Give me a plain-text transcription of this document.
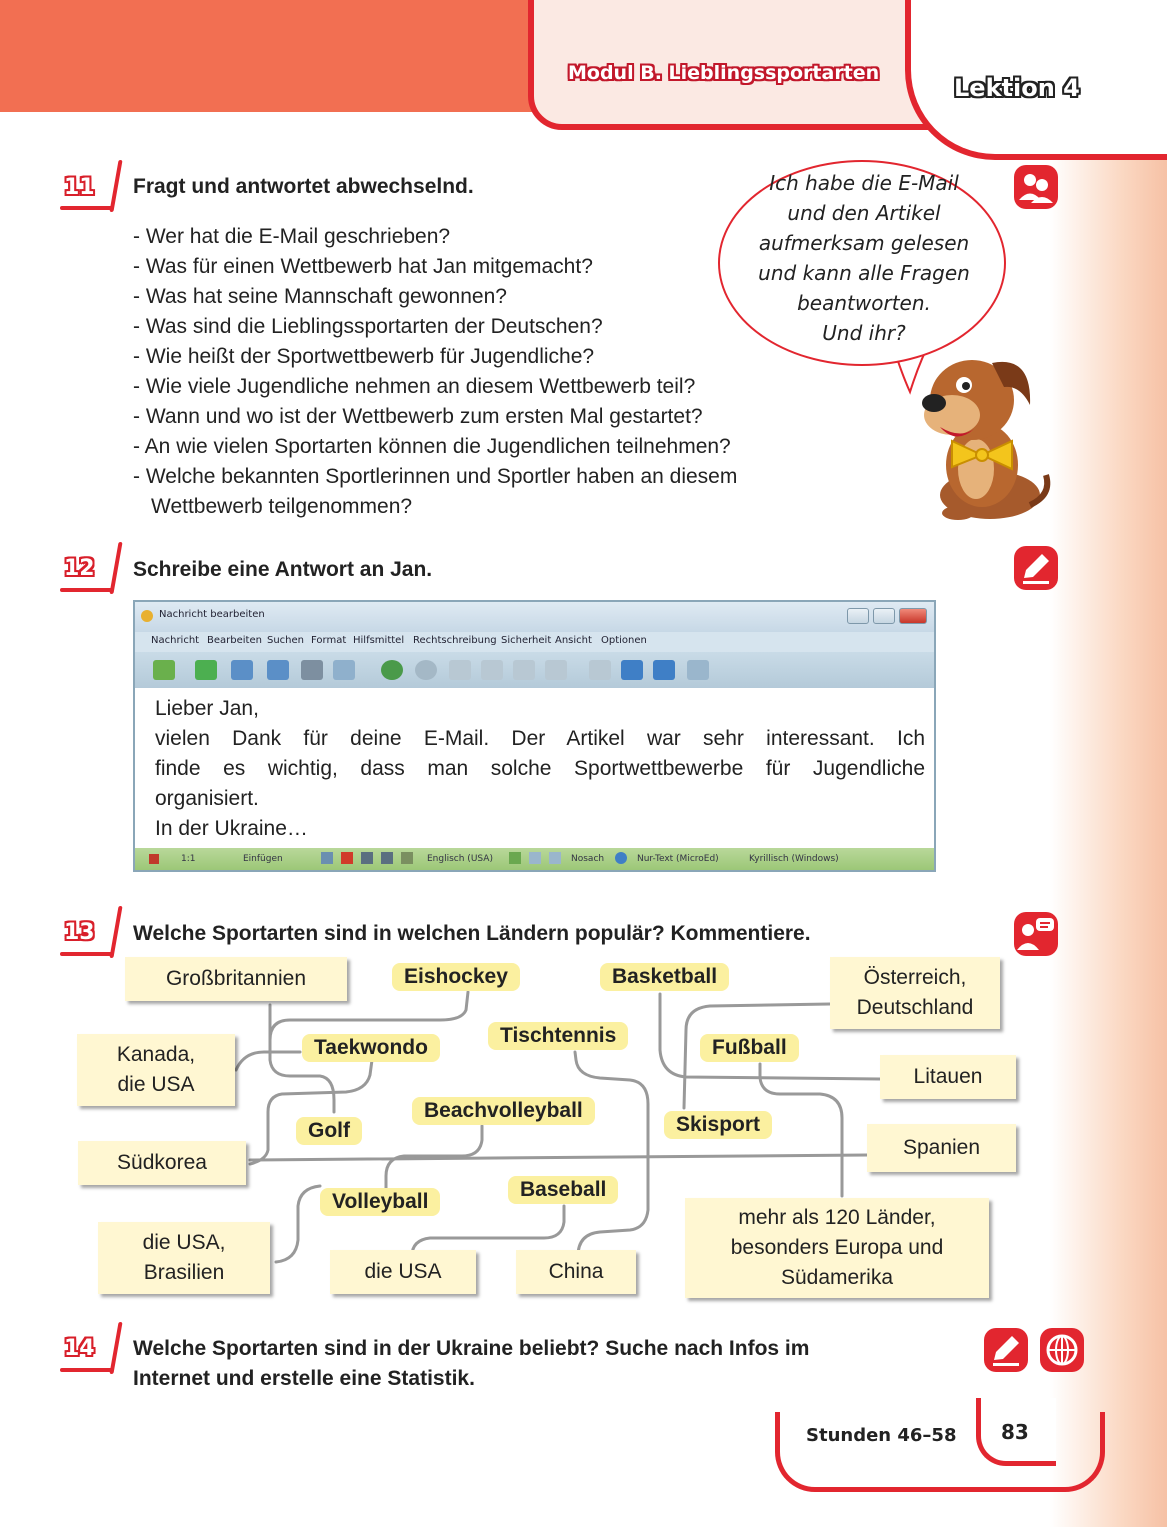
Modul B. Lieblingssportarten
Lektion 4
11 Fragt und antwortet abwechselnd.
- Wer hat die E-Mail geschrieben?
- Was für einen Wettbewerb hat Jan mitgemacht?
- Was hat seine Mannschaft gewonnen?
- Was sind die Lieblingssportarten der Deutschen?
- Wie heißt der Sportwettbewerb für Jugendliche?
- Wie viele Jugendliche nehmen an diesem Wettbewerb teil?
- Wann und wo ist der Wettbewerb zum ersten Mal gestartet?
- An wie vielen Sportarten können die Jugendlichen teilnehmen?
- Welche bekannten Sportlerinnen und Sportler haben an diesem
Wettbewerb teilgenommen?
Ich habe die E-Mail
und den Artikel
aufmerksam gelesen
und kann alle Fragen
beantworten.
Und ihr?
12 Schreibe eine Antwort an Jan.
Nachricht bearbeiten
Nachricht Bearbeiten Suchen Format Hilfsmittel Rechtschreibung Sicherheit Ansicht Optionen
Lieber Jan,
vielen Dank für deine E-Mail. Der Artikel war sehr interessant. Ich
finde es wichtig, dass man solche Sportwettbewerbe für Jugendliche
organisiert.
In der Ukraine…
1:1	Einfügen	Englisch (USA)	Nosach	Nur-Text (MicroEd)	Kyrillisch (Windows)
13 Welche Sportarten sind in welchen Ländern populär? Kommentiere.
Großbritannien
Kanada,
die USA
Südkorea
die USA,
Brasilien	die USA	China
Österreich,
Deutschland
Litauen
Spanien
mehr als 120 Länder,
besonders Europa und
Südamerika
Eishockey	Basketball
Taekwondo
Tischtennis
Fußball
Golf
Beachvolleyball
Skisport
Volleyball
Baseball
14 Welche Sportarten sind in der Ukraine beliebt? Suche nach Infos im
Internet und erstelle eine Statistik.
Stunden 46–58 83
